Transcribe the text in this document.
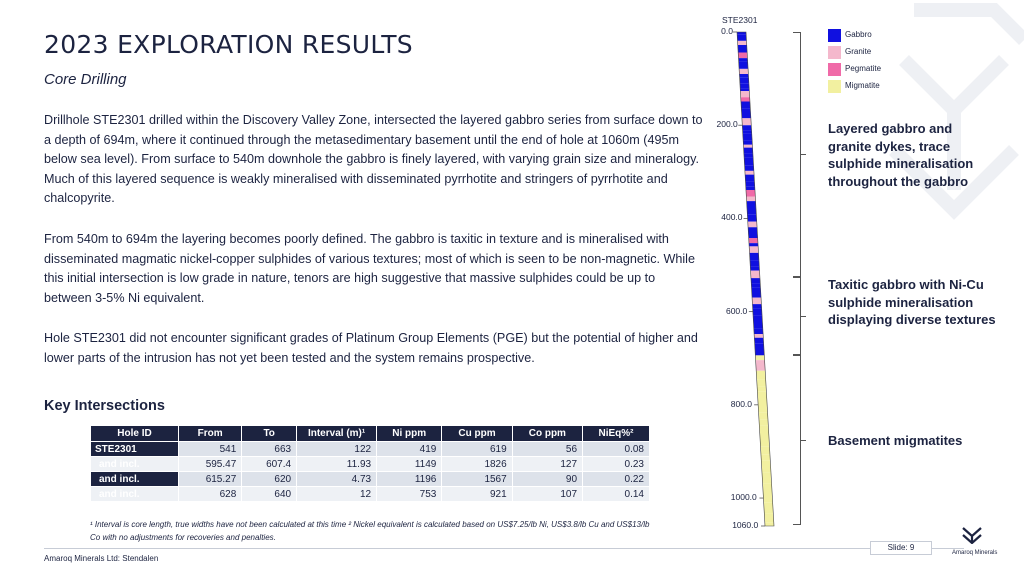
2023 EXPLORATION RESULTS
Core Drilling
Drillhole STE2301 drilled within the Discovery Valley Zone, intersected the layered gabbro series from surface down to a depth of 694m, where it continued through the metasedimentary basement until the end of hole at 1060m (495m below sea level). From surface to 540m downhole the gabbro is finely layered, with varying grain size and mineralogy. Much of this layered sequence is weakly mineralised with disseminated pyrrhotite and stringers of pyrrhotite and chalcopyrite.
From 540m to 694m the layering becomes poorly defined. The gabbro is taxitic in texture and is mineralised with disseminated magmatic nickel-copper sulphides of various textures; most of which is seen to be non-magnetic. While this initial intersection is low grade in nature, tenors are high suggestive that massive sulphides could be up to between 3-5% Ni equivalent.
Hole STE2301 did not encounter significant grades of Platinum Group Elements (PGE) but the potential of higher and lower parts of the intrusion has not yet been tested and the system remains prospective.
Key Intersections
Hole ID	From	To	Interval (m)¹	Ni ppm	Cu ppm	Co ppm	NiEq%²
STE2301	541	663	122	419	619	56	0.08
and incl.	595.47	607.4	11.93	1149	1826	127	0.23
and incl.	615.27	620	4.73	1196	1567	90	0.22
and incl.	628	640	12	753	921	107	0.14
¹ Interval is core length, true widths have not been calculated at this time ² Nickel equivalent is calculated based on US$7.25/lb Ni, US$3.8/lb Cu and US$13/lb Co with no adjustments for recoveries and penalties.
STE2301
0.0
200.0
400.0
600.0
800.0
1000.0
1060.0
Gabbro
Granite
Pegmatite
Migmatite
Layered gabbro and granite dykes, trace sulphide mineralisation throughout the gabbro
Taxitic gabbro with Ni-Cu sulphide mineralisation displaying diverse textures
Basement migmatites
Amaroq Minerals Ltd: Stendalen
Slide: 9
Amaroq Minerals
